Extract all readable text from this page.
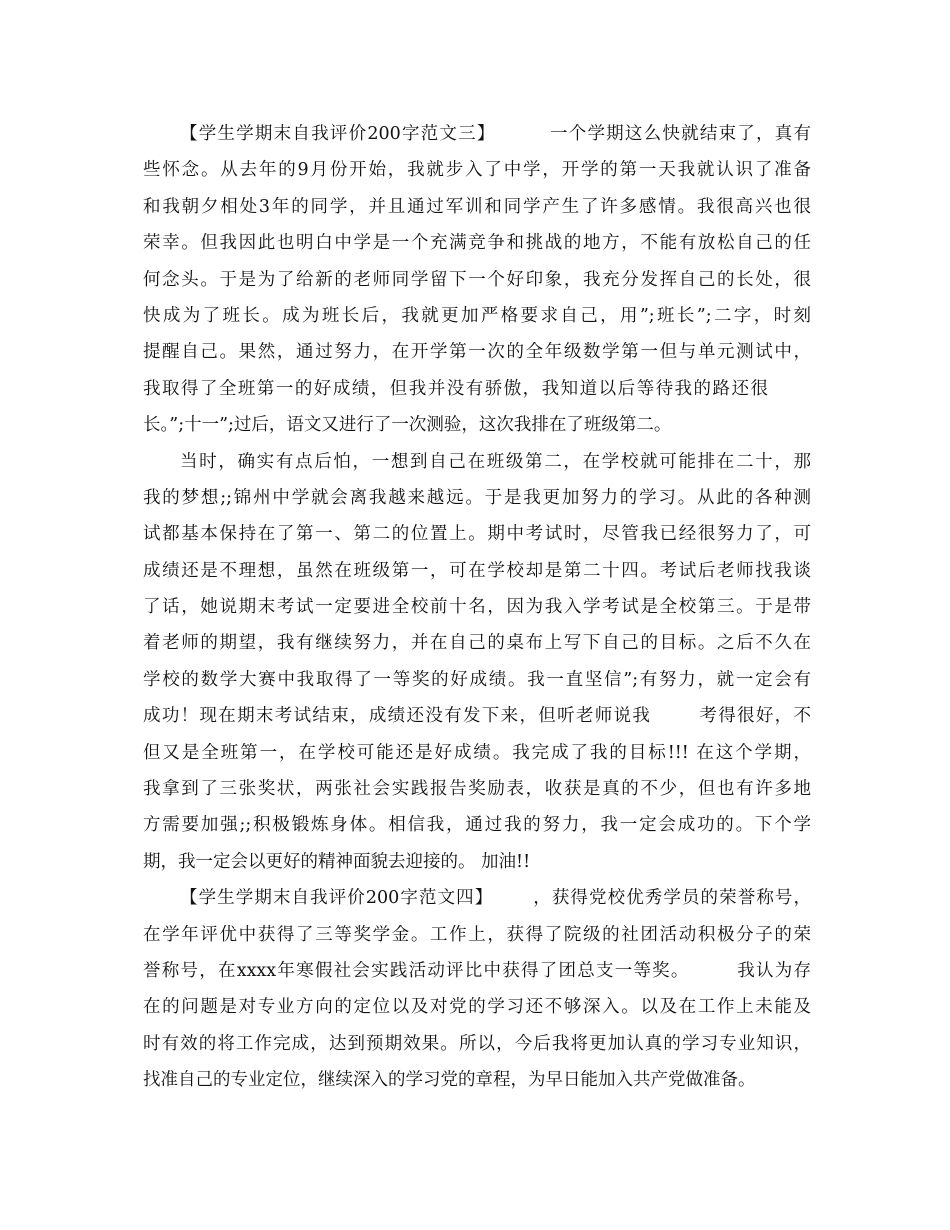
【学生学期末自我评价200字范文三】        一个学期这么快就结束了，真有
些怀念。从去年的9月份开始，我就步入了中学，开学的第一天我就认识了准备
和我朝夕相处3年的同学，并且通过军训和同学产生了许多感情。我很高兴也很
荣幸。但我因此也明白中学是一个充满竞争和挑战的地方，不能有放松自己的任
何念头。于是为了给新的老师同学留下一个好印象，我充分发挥自己的长处，很
快成为了班长。成为班长后，我就更加严格要求自己，用”;班长”;二字，时刻
提醒自己。果然，通过努力，在开学第一次的全年级数学第一但与单元测试中，
我取得了全班第一的好成绩，但我并没有骄傲，我知道以后等待我的路还很
长。”;十一”;过后，语文又进行了一次测验，这次我排在了班级第二。
当时，确实有点后怕，一想到自己在班级第二，在学校就可能排在二十，那
我的梦想;;锦州中学就会离我越来越远。于是我更加努力的学习。从此的各种测
试都基本保持在了第一、第二的位置上。期中考试时，尽管我已经很努力了，可
成绩还是不理想，虽然在班级第一，可在学校却是第二十四。考试后老师找我谈
了话，她说期末考试一定要进全校前十名，因为我入学考试是全校第三。于是带
着老师的期望，我有继续努力，并在自己的桌布上写下自己的目标。之后不久在
学校的数学大赛中我取得了一等奖的好成绩。我一直坚信”;有努力，就一定会有
成功！现在期末考试结束，成绩还没有发下来，但听老师说我       考得很好，不
但又是全班第一，在学校可能还是好成绩。我完成了我的目标!!! 在这个学期，
我拿到了三张奖状，两张社会实践报告奖励表，收获是真的不少，但也有许多地
方需要加强;;积极锻炼身体。相信我，通过我的努力，我一定会成功的。下个学
期，我一定会以更好的精神面貌去迎接的。 加油!!
【学生学期末自我评价200字范文四】      ，获得党校优秀学员的荣誉称号，
在学年评优中获得了三等奖学金。工作上，获得了院级的社团活动积极分子的荣
誉称号，在xxxx年寒假社会实践活动评比中获得了团总支一等奖。       我认为存
在的问题是对专业方向的定位以及对党的学习还不够深入。以及在工作上未能及
时有效的将工作完成，达到预期效果。所以，今后我将更加认真的学习专业知识，
找准自己的专业定位，继续深入的学习党的章程，为早日能加入共产党做准备。
